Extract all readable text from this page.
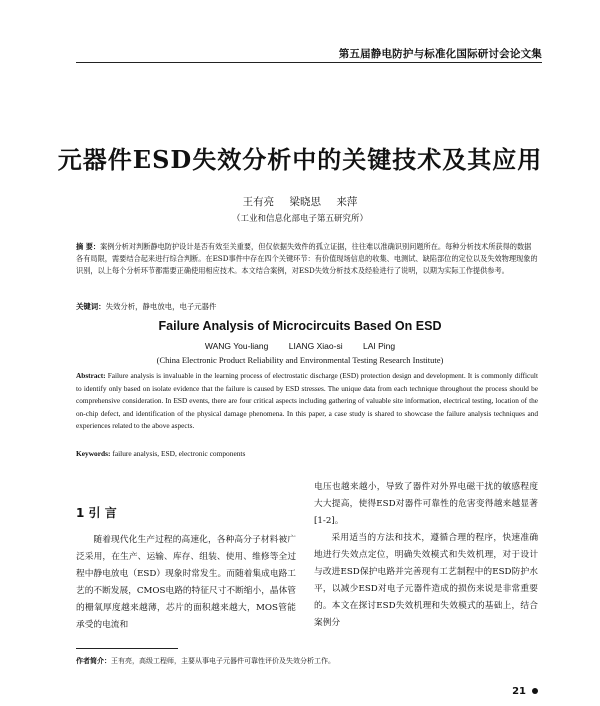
第五届静电防护与标准化国际研讨会论文集
元器件ESD失效分析中的关键技术及其应用
王有亮 梁晓思 来萍
（工业和信息化部电子第五研究所）

摘 要：案例分析对判断静电防护设计是否有效至关重要，但仅依据失效件的孤立证据，往往难以准确识别问题所在。每种分析技术所获得的数据各有局限，需要结合起来进行综合判断。在ESD事件中存在四个关键环节：有价值现场信息的收集、电测试、缺陷部位的定位以及失效物理现象的识别，以上每个分析环节都需要正确使用相应技术。本文结合案例，对ESD失效分析技术及经验进行了说明，以期为实际工作提供参考。

关键词：失效分析，静电放电，电子元器件

Failure Analysis of Microcircuits Based On ESD
WANG You-liang LIANG Xiao-si LAI Ping
(China Electronic Product Reliability and Environmental Testing Research Institute)

Abstract: Failure analysis is invaluable in the learning process of electrostatic discharge (ESD) protection design and development. It is commonly difficult to identify only based on isolate evidence that the failure is caused by ESD stresses. The unique data from each technique throughout the process should be comprehensive consideration. In ESD events, there are four critical aspects including gathering of valuable site information, electrical testing, location of the on-chip defect, and identification of the physical damage phenomena. In this paper, a case study is shared to showcase the failure analysis techniques and experiences related to the above aspects.

Keywords: failure analysis, ESD, electronic components

1 引 言

随着现代化生产过程的高速化，各种高分子材料被广泛采用，在生产、运输、库存、组装、使用、维修等全过程中静电放电（ESD）现象时常发生。而随着集成电路工艺的不断发展，CMOS电路的特征尺寸不断缩小，晶体管的栅氧厚度越来越薄，芯片的面积越来越大，MOS管能承受的电流和

电压也越来越小，导致了器件对外界电磁干扰的敏感程度大大提高，使得ESD对器件可靠性的危害变得越来越显著[1-2]。

采用适当的方法和技术，遵循合理的程序，快速准确地进行失效点定位，明确失效模式和失效机理，对于设计与改进ESD保护电路并完善现有工艺制程中的ESD防护水平，以减少ESD对电子元器件造成的损伤来说是非常重要的。本文在探讨ESD失效机理和失效模式的基础上，结合案例分

作者简介：王有亮，高级工程师，主要从事电子元器件可靠性评价及失效分析工作。
21
